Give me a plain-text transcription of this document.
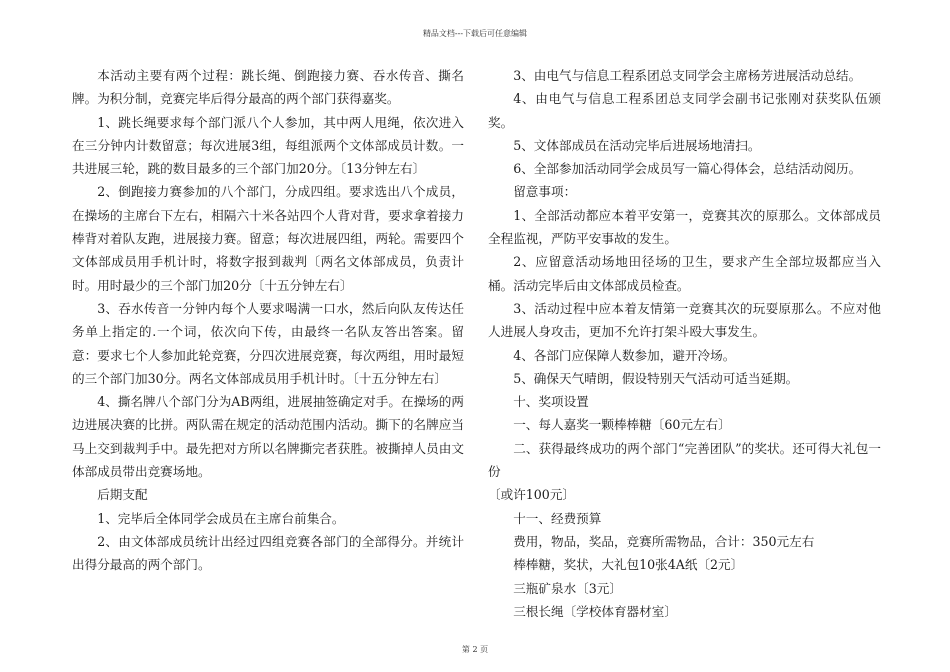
精品文档---下载后可任意编辑

本活动主要有两个过程：跳长绳、倒跑接力赛、吞水传音、撕名牌。为积分制，竞赛完毕后得分最高的两个部门获得嘉奖。

1、跳长绳要求每个部门派八个人参加，其中两人甩绳，依次进入在三分钟内计数留意；每次进展3组，每组派两个文体部成员计数。一共进展三轮，跳的数目最多的三个部门加20分。〔13分钟左右〕

2、倒跑接力赛参加的八个部门，分成四组。要求选出八个成员，在操场的主席台下左右，相隔六十米各站四个人背对背，要求拿着接力棒背对着队友跑，进展接力赛。留意；每次进展四组，两轮。需要四个文体部成员用手机计时，将数字报到裁判〔两名文体部成员，负责计时。用时最少的三个部门加20分〔十五分钟左右〕

3、吞水传音一分钟内每个人要求喝满一口水，然后向队友传达任务单上指定的.一个词，依次向下传，由最终一名队友答出答案。留意：要求七个人参加此轮竞赛，分四次进展竞赛，每次两组，用时最短的三个部门加30分。两名文体部成员用手机计时。〔十五分钟左右〕

4、撕名牌八个部门分为AB两组，进展抽签确定对手。在操场的两边进展决赛的比拼。两队需在规定的活动范围内活动。撕下的名牌应当马上交到裁判手中。最先把对方所以名牌撕完者获胜。被撕掉人员由文体部成员带出竞赛场地。

后期支配

1、完毕后全体同学会成员在主席台前集合。

2、由文体部成员统计出经过四组竞赛各部门的全部得分。并统计出得分最高的两个部门。

3、由电气与信息工程系团总支同学会主席杨芳进展活动总结。

4、由电气与信息工程系团总支同学会副书记张刚对获奖队伍颁奖。

5、文体部成员在活动完毕后进展场地清扫。

6、全部参加活动同学会成员写一篇心得体会，总结活动阅历。

留意事项：

1、全部活动都应本着平安第一，竞赛其次的原那么。文体部成员全程监视，严防平安事故的发生。

2、应留意活动场地田径场的卫生，要求产生全部垃圾都应当入桶。活动完毕后由文体部成员检查。

3、活动过程中应本着友情第一竞赛其次的玩耍原那么。不应对他人进展人身攻击，更加不允许打架斗殴大事发生。

4、各部门应保障人数参加，避开冷场。

5、确保天气晴朗，假设特别天气活动可适当延期。

十、奖项设置

一、每人嘉奖一颗棒棒糖〔60元左右〕

二、获得最终成功的两个部门“完善团队”的奖状。还可得大礼包一份

〔或许100元〕

十一、经费预算

费用，物品，奖品，竞赛所需物品，合计：350元左右

棒棒糖，奖状，大礼包10张4A纸〔2元〕

三瓶矿泉水〔3元〕

三根长绳〔学校体育器材室〕

第 2 页
